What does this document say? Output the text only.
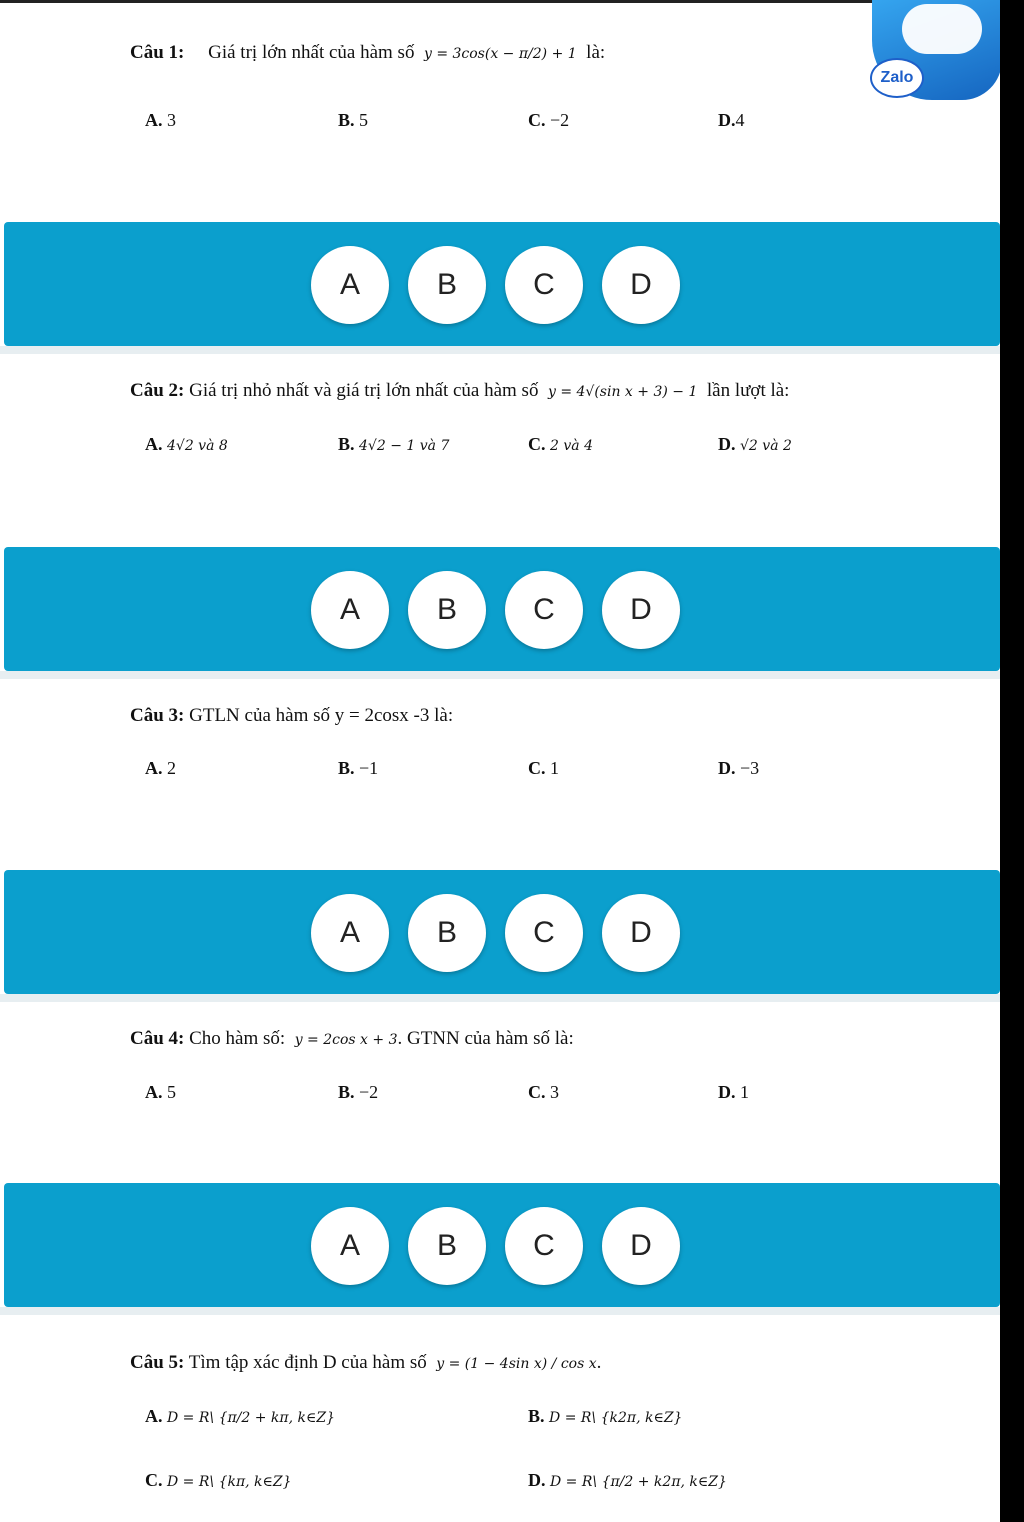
Câu 1: Giá trị lớn nhất của hàm số y = 3cos(x − π/2) + 1 là:
A. 3	B. 5	C. −2	D.4
A	B	C	D
Câu 2: Giá trị nhỏ nhất và giá trị lớn nhất của hàm số y = 4√(sin x + 3) − 1 lần lượt là:
A. 4√2 và 8	B. 4√2 − 1 và 7	C. 2 và 4	D. √2 và 2
A	B	C	D
Câu 3: GTLN của hàm số y = 2cosx -3 là:
A. 2	B. −1	C. 1	D. −3
A	B	C	D
Câu 4: Cho hàm số: y = 2cos x + 3. GTNN của hàm số là:
A. 5	B. −2	C. 3	D. 1
A	B	C	D
Câu 5: Tìm tập xác định D của hàm số y = (1 − 4sin x) / cos x.
A. D = R\ {π/2 + kπ, k∈Z}	B. D = R\ {k2π, k∈Z}
C. D = R\ {kπ, k∈Z}	D. D = R\ {π/2 + k2π, k∈Z}
Zalo
